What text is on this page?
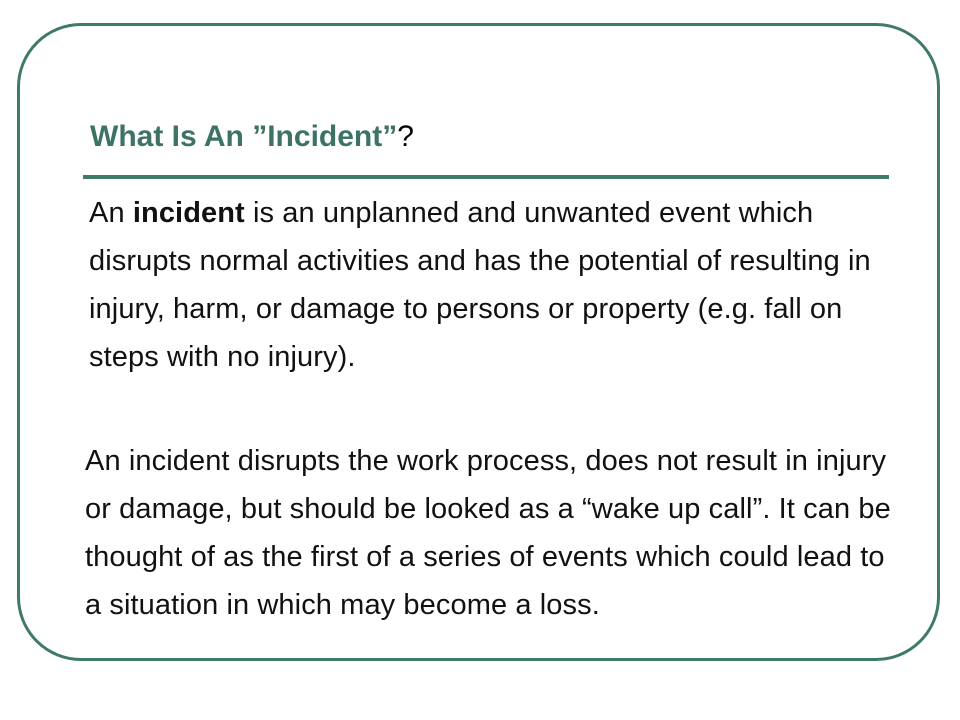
What Is An ”Incident”?

An incident is an unplanned and unwanted event which disrupts normal activities and has the potential of resulting in injury, harm, or damage to persons or property (e.g. fall on steps with no injury).

An incident disrupts the work process, does not result in injury or damage, but should be looked as a “wake up call”. It can be thought of as the first of a series of events which could lead to a situation in which may become a loss.
